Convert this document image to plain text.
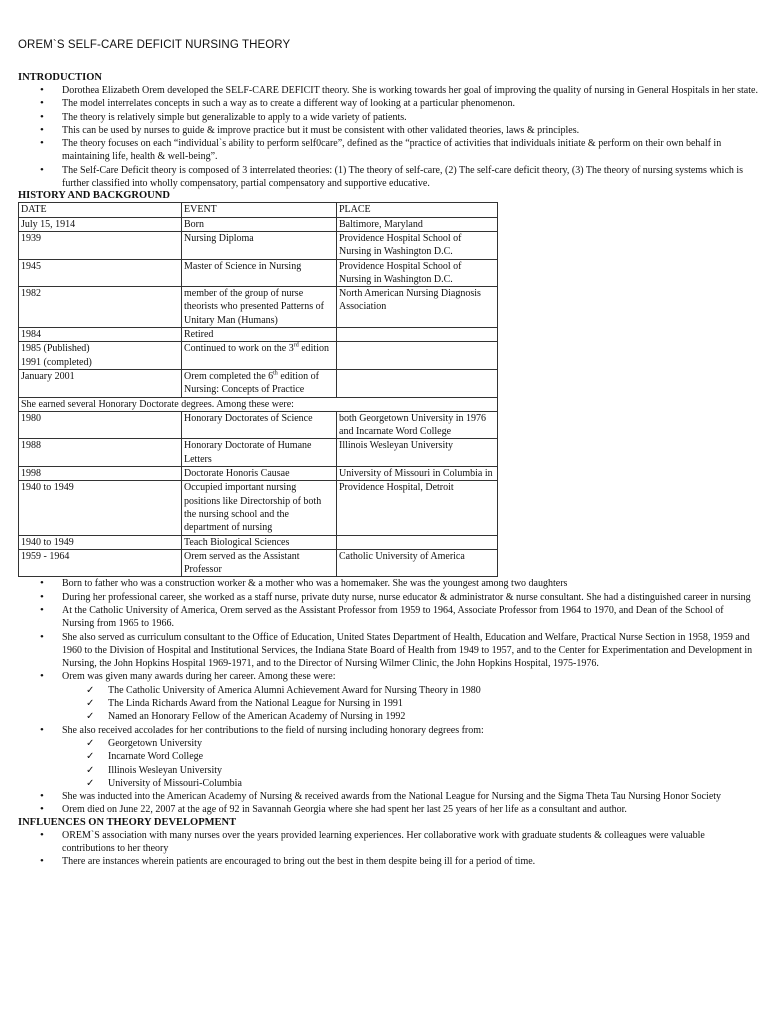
OREM`S SELF-CARE DEFICIT NURSING THEORY
INTRODUCTION
• Dorothea Elizabeth Orem developed the SELF-CARE DEFICIT theory. She is working towards her goal of improving the quality of nursing in General Hospitals in her state.
• The model interrelates concepts in such a way as to create a different way of looking at a particular phenomenon.
• The theory is relatively simple but generalizable to apply to a wide variety of patients.
• This can be used by nurses to guide & improve practice but it must be consistent with other validated theories, laws & principles.
• The theory focuses on each “individual`s ability to perform self0care”, defined as the “practice of activities that individuals initiate & perform on their own behalf in maintaining life, health & well-being”.
• The Self-Care Deficit theory is composed of 3 interrelated theories: (1) The theory of self-care, (2) The self-care deficit theory, (3) The theory of nursing systems which is further classified into wholly compensatory, partial compensatory and supportive educative.
HISTORY AND BACKGROUND
DATE	EVENT	PLACE
July 15, 1914	Born	Baltimore, Maryland
1939	Nursing Diploma	Providence Hospital School of Nursing in Washington D.C.
1945	Master of Science in Nursing	Providence Hospital School of Nursing in Washington D.C.
1982	member of the group of nurse theorists who presented Patterns of Unitary Man (Humans)	North American Nursing Diagnosis Association
1984	Retired	
1985 (Published)
1991 (completed)	Continued to work on the 3rd edition	
January 2001	Orem completed the 6th edition of Nursing: Concepts of Practice	
She earned several Honorary Doctorate degrees. Among these were:		
1980	Honorary Doctorates of Science	both Georgetown University in 1976 and Incarnate Word College
1988	Honorary Doctorate of Humane Letters	Illinois Wesleyan University
1998	Doctorate Honoris Causae	University of Missouri in Columbia in
1940 to 1949	Occupied important nursing positions like Directorship of both the nursing school and the department of nursing	Providence Hospital, Detroit
1940 to 1949	Teach Biological Sciences	
1959 - 1964	Orem served as the Assistant Professor	Catholic University of America
• Born to father who was a construction worker & a mother who was a homemaker. She was the youngest among two daughters
• During her professional career, she worked as a staff nurse, private duty nurse, nurse educator & administrator & nurse consultant. She had a distinguished career in nursing
• At the Catholic University of America, Orem served as the Assistant Professor from 1959 to 1964, Associate Professor from 1964 to 1970, and Dean of the School of Nursing from 1965 to 1966.
• She also served as curriculum consultant to the Office of Education, United States Department of Health, Education and Welfare, Practical Nurse Section in 1958, 1959 and 1960 to the Division of Hospital and Institutional Services, the Indiana State Board of Health from 1949 to 1957, and to the Center for Experimentation and Development in Nursing, the John Hopkins Hospital 1969-1971, and to the Director of Nursing Wilmer Clinic, the John Hopkins Hospital, 1975-1976.
• Orem was given many awards during her career. Among these were:
✓ The Catholic University of America Alumni Achievement Award for Nursing Theory in 1980
✓ The Linda Richards Award from the National League for Nursing in 1991
✓ Named an Honorary Fellow of the American Academy of Nursing in 1992
• She also received accolades for her contributions to the field of nursing including honorary degrees from:
✓ Georgetown University
✓ Incarnate Word College
✓ Illinois Wesleyan University
✓ University of Missouri-Columbia
• She was inducted into the American Academy of Nursing & received awards from the National League for Nursing and the Sigma Theta Tau Nursing Honor Society
• Orem died on June 22, 2007 at the age of 92 in Savannah Georgia where she had spent her last 25 years of her life as a consultant and author.
INFLUENCES ON THEORY DEVELOPMENT
• OREM`S association with many nurses over the years provided learning experiences. Her collaborative work with graduate students & colleagues were valuable contributions to her theory
• There are instances wherein patients are encouraged to bring out the best in them despite being ill for a period of time.
